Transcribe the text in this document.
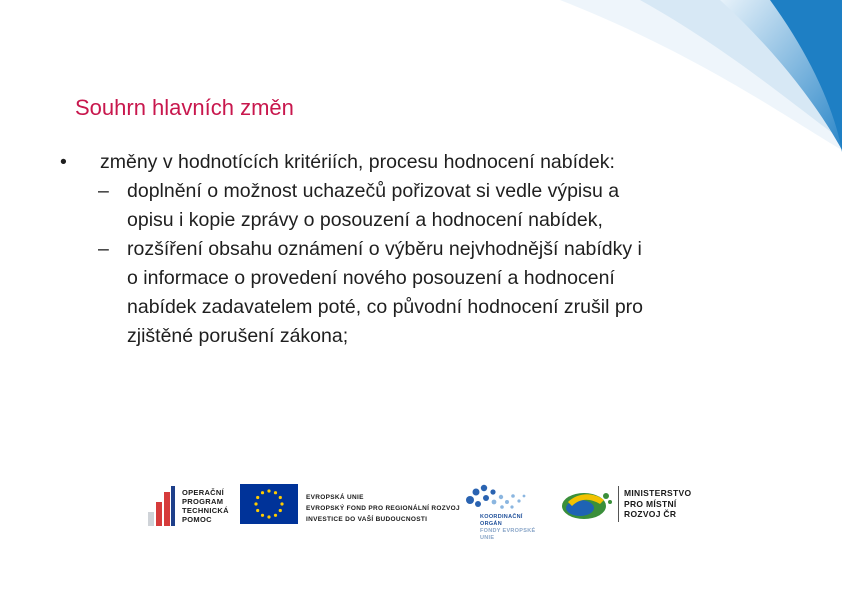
Souhrn hlavních změn
•	změny v hodnotících kritériích, procesu hodnocení nabídek:
– doplnění o možnost uchazečů pořizovat si vedle výpisu a
opisu i kopie zprávy o posouzení a hodnocení nabídek,
– rozšíření obsahu oznámení o výběru nejvhodnější nabídky i
o informace o provedení nového posouzení a hodnocení
nabídek zadavatelem poté, co původní hodnocení zrušil pro
zjištěné porušení zákona;
OPERAČNÍ
PROGRAM
TECHNICKÁ
POMOC
EVROPSKÁ UNIE
EVROPSKÝ FOND PRO REGIONÁLNÍ ROZVOJ
INVESTICE DO VAŠÍ BUDOUCNOSTI	KOORDINAČNÍ ORGÁN
FONDY EVROPSKÉ UNIE
MINISTERSTVO
PRO MÍSTNÍ
ROZVOJ ČR
